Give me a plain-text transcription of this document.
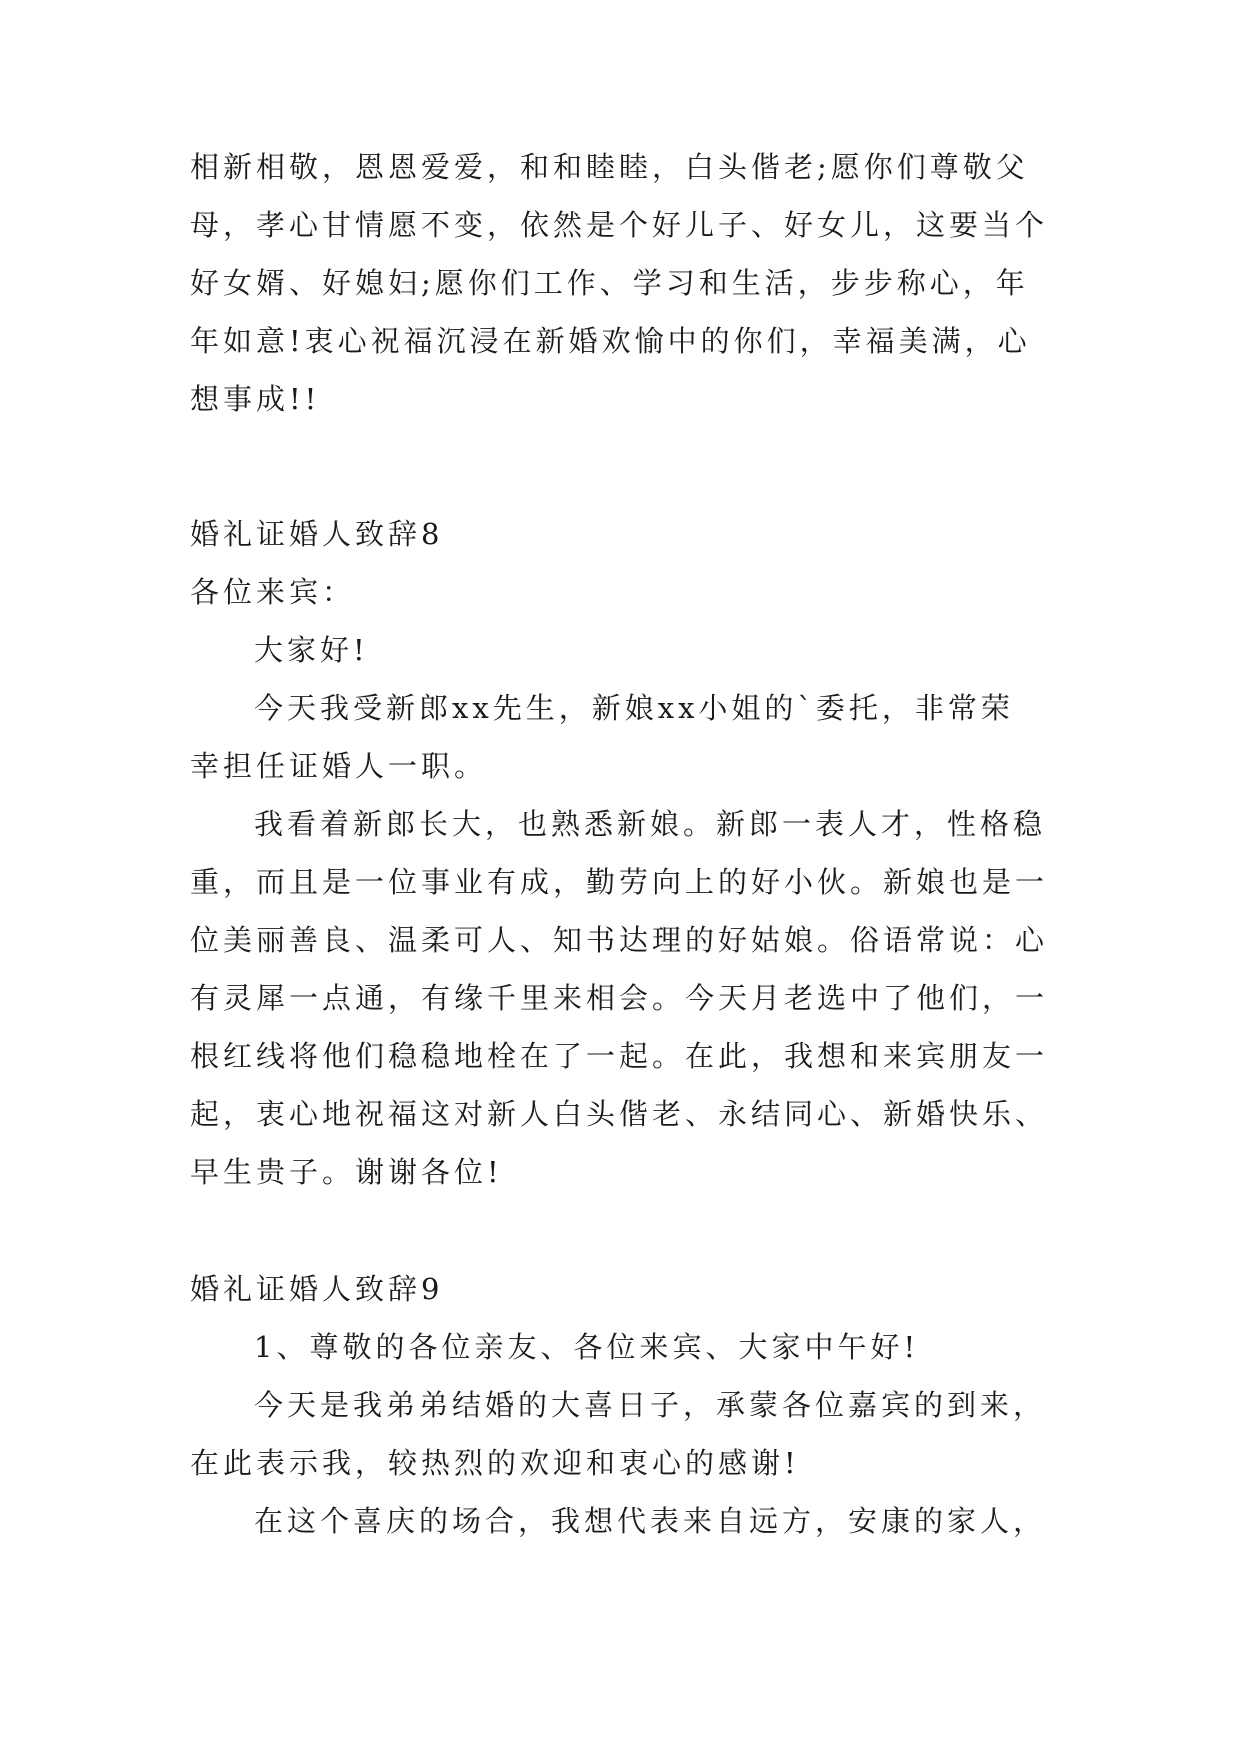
相新相敬，恩恩爱爱，和和睦睦，白头偕老;愿你们尊敬父
母，孝心甘情愿不变，依然是个好儿子、好女儿，这要当个
好女婿、好媳妇;愿你们工作、学习和生活，步步称心，年
年如意!衷心祝福沉浸在新婚欢愉中的你们，幸福美满，心
想事成!!
婚礼证婚人致辞8
各位来宾：
大家好!
今天我受新郎xx先生，新娘xx小姐的`委托，非常荣
幸担任证婚人一职。
我看着新郎长大，也熟悉新娘。新郎一表人才，性格稳
重，而且是一位事业有成，勤劳向上的好小伙。新娘也是一
位美丽善良、温柔可人、知书达理的好姑娘。俗语常说：心
有灵犀一点通，有缘千里来相会。今天月老选中了他们，一
根红线将他们稳稳地栓在了一起。在此，我想和来宾朋友一
起，衷心地祝福这对新人白头偕老、永结同心、新婚快乐、
早生贵子。谢谢各位!
婚礼证婚人致辞9
1、尊敬的各位亲友、各位来宾、大家中午好!
今天是我弟弟结婚的大喜日子，承蒙各位嘉宾的到来，
在此表示我，较热烈的欢迎和衷心的感谢!
在这个喜庆的场合，我想代表来自远方，安康的家人，
